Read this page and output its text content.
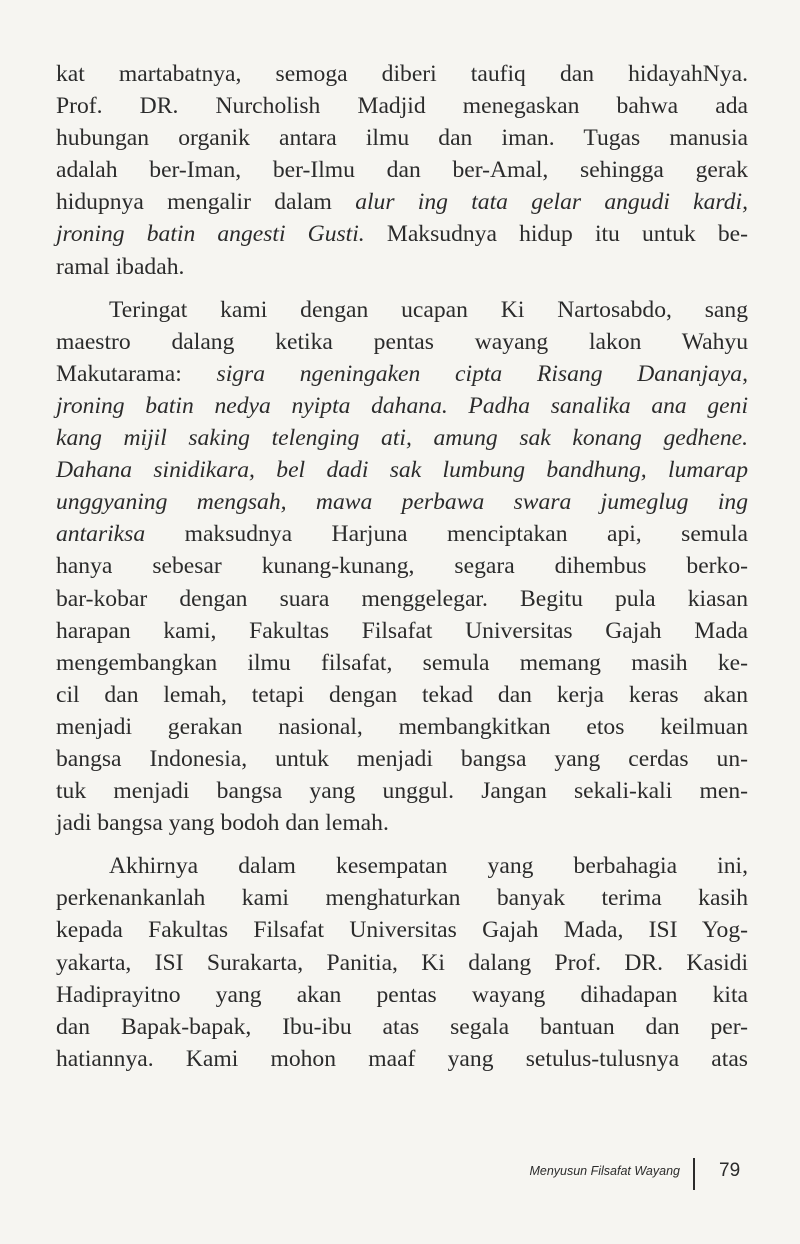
kat martabatnya, semoga diberi taufiq dan hidayahNya.
Prof. DR. Nurcholish Madjid menegaskan bahwa ada
hubungan organik antara ilmu dan iman. Tugas manusia
adalah ber-Iman, ber-Ilmu dan ber-Amal, sehingga gerak
hidupnya mengalir dalam alur ing tata gelar angudi kardi,
jroning batin angesti Gusti. Maksudnya hidup itu untuk be-
ramal ibadah.
Teringat kami dengan ucapan Ki Nartosabdo, sang
maestro dalang ketika pentas wayang lakon Wahyu
Makutarama: sigra ngeningaken cipta Risang Dananjaya,
jroning batin nedya nyipta dahana. Padha sanalika ana geni
kang mijil saking telenging ati, amung sak konang gedhene.
Dahana sinidikara, bel dadi sak lumbung bandhung, lumarap
unggyaning mengsah, mawa perbawa swara jumeglug ing
antariksa maksudnya Harjuna menciptakan api, semula
hanya sebesar kunang-kunang, segara dihembus berko-
bar-kobar dengan suara menggelegar. Begitu pula kiasan
harapan kami, Fakultas Filsafat Universitas Gajah Mada
mengembangkan ilmu filsafat, semula memang masih ke-
cil dan lemah, tetapi dengan tekad dan kerja keras akan
menjadi gerakan nasional, membangkitkan etos keilmuan
bangsa Indonesia, untuk menjadi bangsa yang cerdas un-
tuk menjadi bangsa yang unggul. Jangan sekali-kali men-
jadi bangsa yang bodoh dan lemah.
Akhirnya dalam kesempatan yang berbahagia ini,
perkenankanlah kami menghaturkan banyak terima kasih
kepada Fakultas Filsafat Universitas Gajah Mada, ISI Yog-
yakarta, ISI Surakarta, Panitia, Ki dalang Prof. DR. Kasidi
Hadiprayitno yang akan pentas wayang dihadapan kita
dan Bapak-bapak, Ibu-ibu atas segala bantuan dan per-
hatiannya. Kami mohon maaf yang setulus-tulusnya atas
Menyusun Filsafat Wayang 79
